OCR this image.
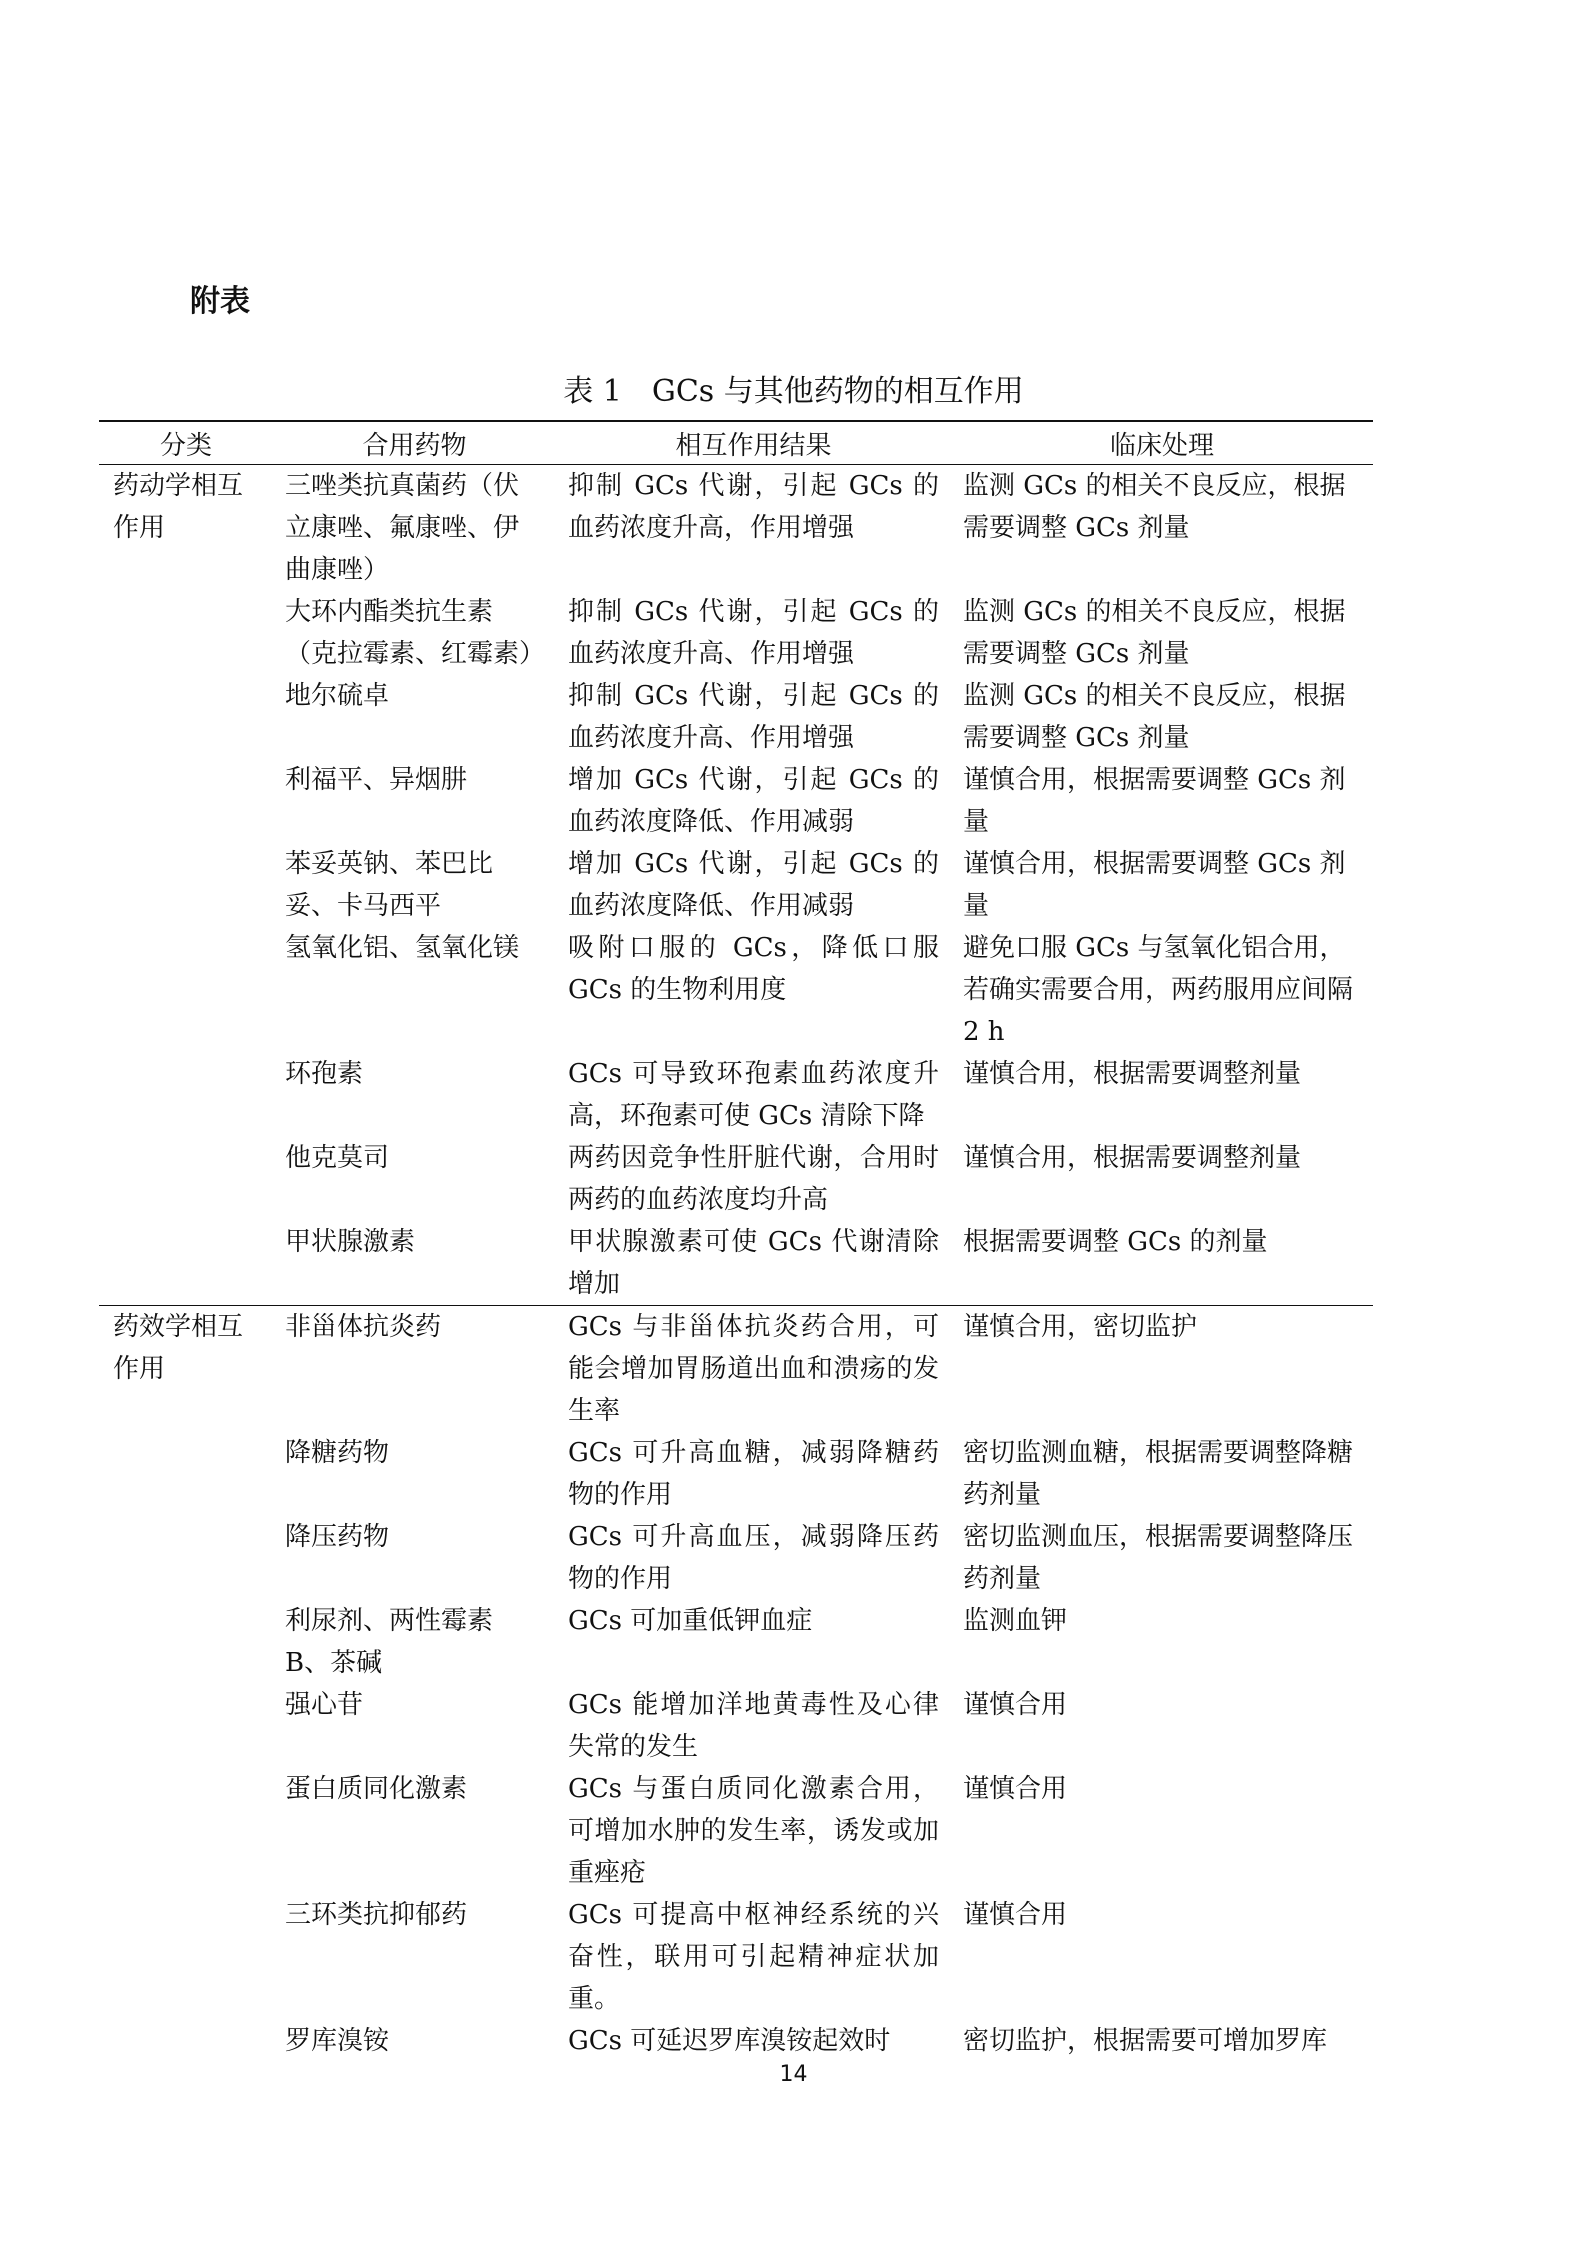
附表
表 1　GCs 与其他药物的相互作用
分类	合用药物	相互作用结果	临床处理
药动学相互作用	三唑类抗真菌药（伏立康唑、氟康唑、伊曲康唑）	抑制 GCs 代谢，引起 GCs 的血药浓度升高，作用增强	监测 GCs 的相关不良反应，根据需要调整 GCs 剂量
	大环内酯类抗生素（克拉霉素、红霉素）	抑制 GCs 代谢，引起 GCs 的血药浓度升高、作用增强	监测 GCs 的相关不良反应，根据需要调整 GCs 剂量
	地尔硫卓	抑制 GCs 代谢，引起 GCs 的血药浓度升高、作用增强	监测 GCs 的相关不良反应，根据需要调整 GCs 剂量
	利福平、异烟肼	增加 GCs 代谢，引起 GCs 的血药浓度降低、作用减弱	谨慎合用，根据需要调整 GCs 剂量
	苯妥英钠、苯巴比妥、卡马西平	增加 GCs 代谢，引起 GCs 的血药浓度降低、作用减弱	谨慎合用，根据需要调整 GCs 剂量
	氢氧化铝、氢氧化镁	吸附口服的 GCs，降低口服 GCs 的生物利用度	避免口服 GCs 与氢氧化铝合用，若确实需要合用，两药服用应间隔 2 h
	环孢素	GCs 可导致环孢素血药浓度升高，环孢素可使 GCs 清除下降	谨慎合用，根据需要调整剂量
	他克莫司	两药因竞争性肝脏代谢，合用时两药的血药浓度均升高	谨慎合用，根据需要调整剂量
	甲状腺激素	甲状腺激素可使 GCs 代谢清除增加	根据需要调整 GCs 的剂量
药效学相互作用	非甾体抗炎药	GCs 与非甾体抗炎药合用，可能会增加胃肠道出血和溃疡的发生率	谨慎合用，密切监护
	降糖药物	GCs 可升高血糖，减弱降糖药物的作用	密切监测血糖，根据需要调整降糖药剂量
	降压药物	GCs 可升高血压，减弱降压药物的作用	密切监测血压，根据需要调整降压药剂量
	利尿剂、两性霉素 B、茶碱	GCs 可加重低钾血症	监测血钾
	强心苷	GCs 能增加洋地黄毒性及心律失常的发生	谨慎合用
	蛋白质同化激素	GCs 与蛋白质同化激素合用，可增加水肿的发生率，诱发或加重痤疮	谨慎合用
	三环类抗抑郁药	GCs 可提高中枢神经系统的兴奋性，联用可引起精神症状加重。	谨慎合用
	罗库溴铵	GCs 可延迟罗库溴铵起效时	密切监护，根据需要可增加罗库
14
